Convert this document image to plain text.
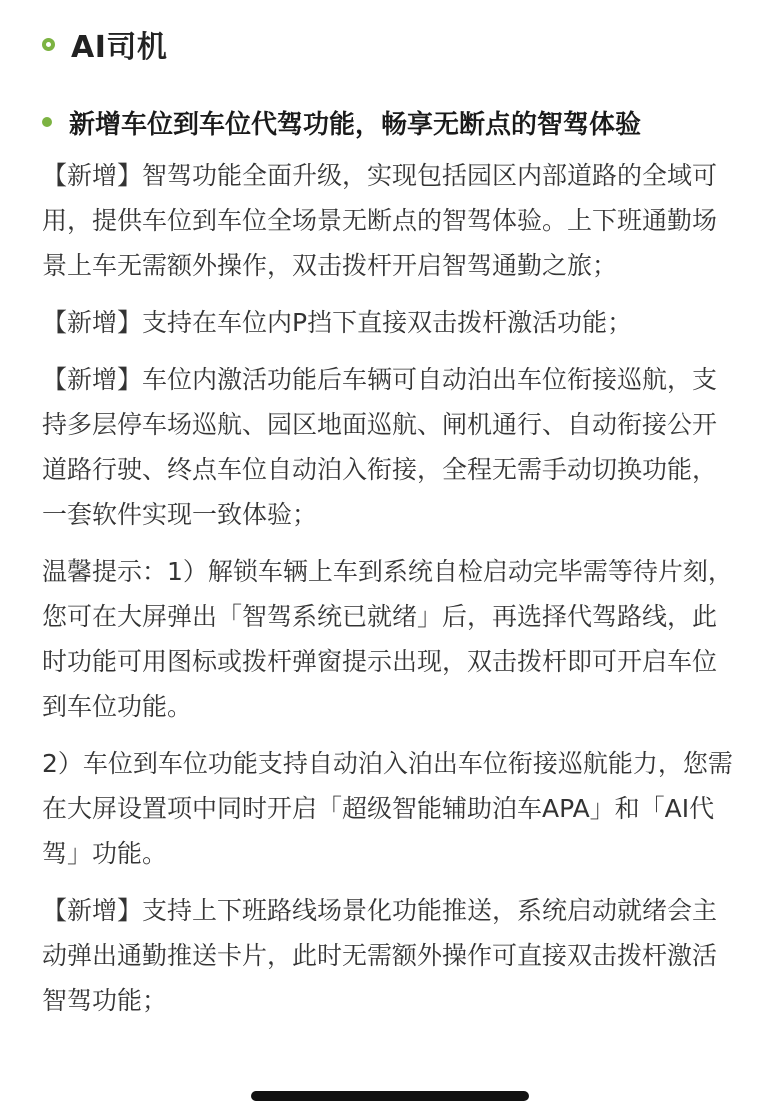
AI司机
新增车位到车位代驾功能，畅享无断点的智驾体验

【新增】智驾功能全面升级，实现包括园区内部道路的全域可用，提供车位到车位全场景无断点的智驾体验。上下班通勤场景上车无需额外操作，双击拨杆开启智驾通勤之旅；

【新增】支持在车位内P挡下直接双击拨杆激活功能；

【新增】车位内激活功能后车辆可自动泊出车位衔接巡航，支持多层停车场巡航、园区地面巡航、闸机通行、自动衔接公开道路行驶、终点车位自动泊入衔接，全程无需手动切换功能，一套软件实现一致体验；

温馨提示：1）解锁车辆上车到系统自检启动完毕需等待片刻，您可在大屏弹出「智驾系统已就绪」后，再选择代驾路线，此时功能可用图标或拨杆弹窗提示出现，双击拨杆即可开启车位到车位功能。

2）车位到车位功能支持自动泊入泊出车位衔接巡航能力，您需在大屏设置项中同时开启「超级智能辅助泊车APA」和「AI代驾」功能。

【新增】支持上下班路线场景化功能推送，系统启动就绪会主动弹出通勤推送卡片，此时无需额外操作可直接双击拨杆激活智驾功能；
